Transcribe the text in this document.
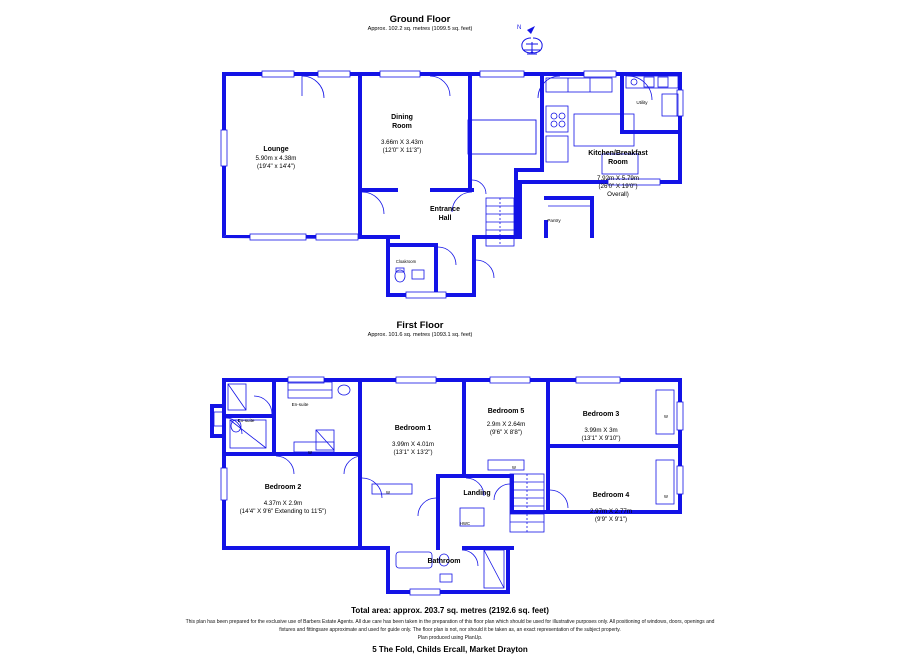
Ground Floor
Approx. 102.2 sq. metres (1099.5 sq. feet)	N
Lounge
5.90m x 4.38m
(19'4" x 14'4")
Dining
Room
3.66m X 3.43m
(12'0" X 11'3")	Kitchen/Breakfast
Room
7.92m X 5.79m
(26'0" X 19'0")
Overall)
Entrance
Hall
Utility
Pantry
Cloakroom
First Floor
Approx. 101.6 sq. metres (1093.1 sq. feet)
Bedroom 1
3.99m X 4.01m
(13'1" X 13'2")
Bedroom 2
4.37m X 2.9m
(14'4" X 9'6" Extending to 11'5")
Bedroom 3
3.99m X 3m
(13'1" X 9'10")
Bedroom 4
2.97m X 2.77m
(9'9" X 9'1")
Bedroom 5
2.9m X 2.64m
(9'6" X 8'8")
Landing
Bathroom
En-suite
En-suite
W
W
W
W
W
HWC
Total area: approx. 203.7 sq. metres (2192.6 sq. feet)
This plan has been prepared for the exclusive use of Barbers Estate Agents. All due care has been taken in the preparation of this floor plan which should be used for illustrative purposes only. All positioning of windows, doors, openings and
fixtures and fittingsare approximate and used for guide only. The floor plan is not, nor should it be taken as, an exact representation of the subject property.
Plan produced using PlanUp.
5 The Fold, Childs Ercall, Market Drayton
